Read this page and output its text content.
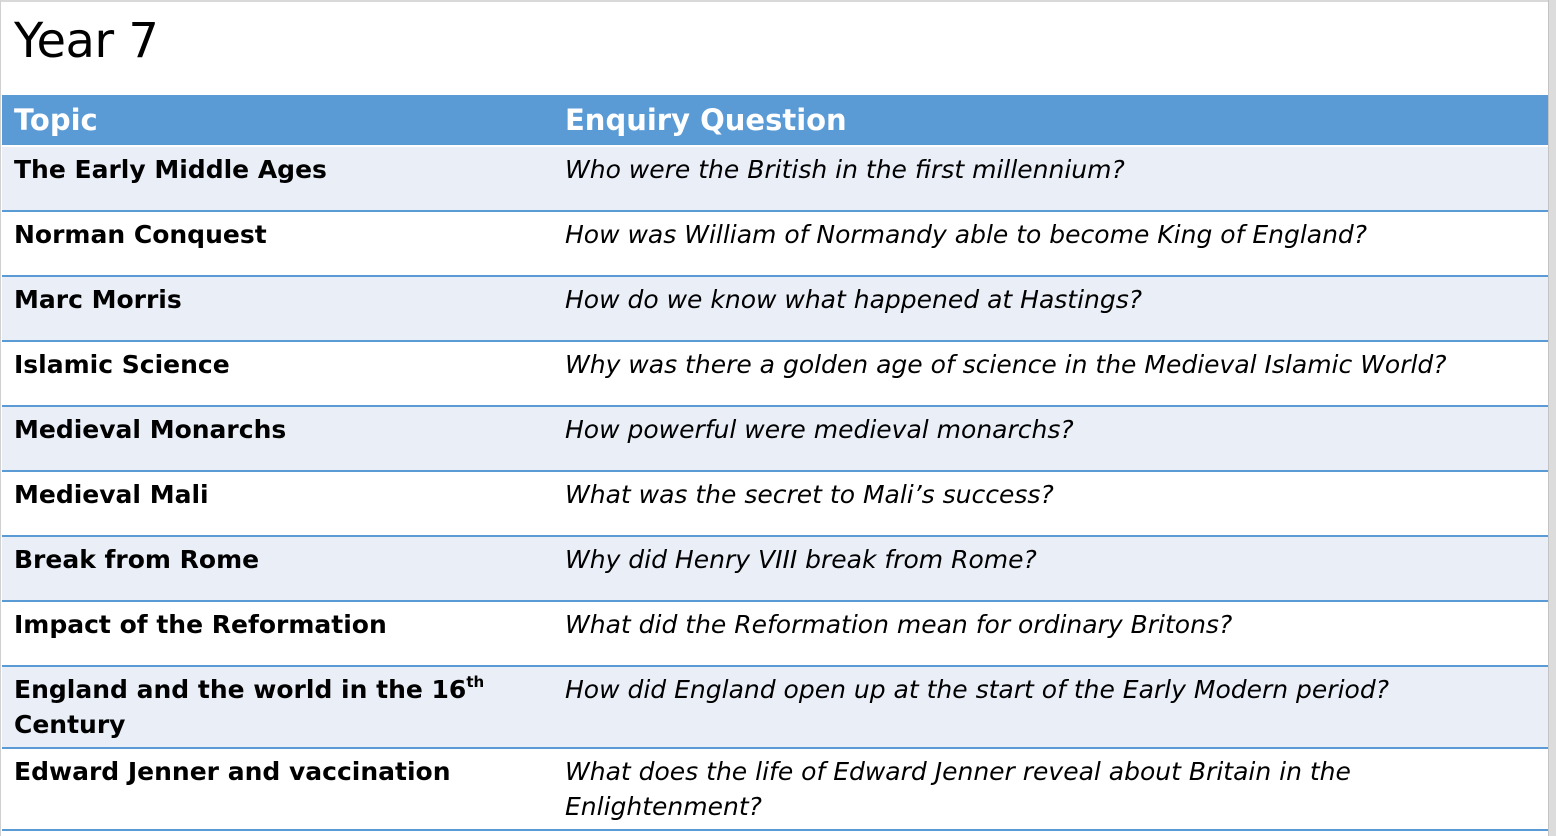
Year 7
Topic	Enquiry Question
The Early Middle Ages	Who were the British in the first millennium?
Norman Conquest	How was William of Normandy able to become King of England?
Marc Morris	How do we know what happened at Hastings?
Islamic Science	Why was there a golden age of science in the Medieval Islamic World?
Medieval Monarchs	How powerful were medieval monarchs?
Medieval Mali	What was the secret to Mali’s success?
Break from Rome	Why did Henry VIII break from Rome?
Impact of the Reformation	What did the Reformation mean for ordinary Britons?
England and the world in the 16th Century	How did England open up at the start of the Early Modern period?
Edward Jenner and vaccination	What does the life of Edward Jenner reveal about Britain in the Enlightenment?
